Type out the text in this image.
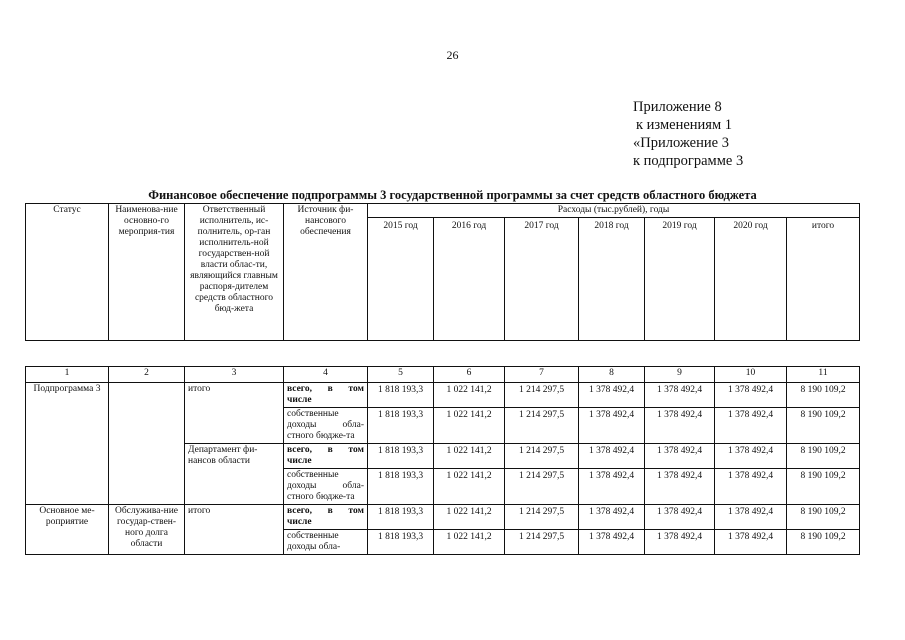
26
Приложение 8
к изменениям 1
«Приложение 3
к подпрограмме 3
Финансовое обеспечение подпрограммы 3 государственной программы за счет средств областного бюджета
Статус	Наименова-ние основно-го мероприя-тия	Ответственный исполнитель, ис-полнитель, ор-ган исполнитель-ной государствен-ной власти облас-ти, являющийся главным распоря-дителем средств областного бюд-жета	Источник фи-нансового обеспечения	Расходы (тыс.рублей), годы						
				2015 год	2016 год	2017 год	2018 год	2019 год	2020 год	итого
1	2	3	4	5	6	7	8	9	10	11
Подпрограмма 3		итого	всего, в том числе	1 818 193,3	1 022 141,2	1 214 297,5	1 378 492,4	1 378 492,4	1 378 492,4	8 190 109,2
			собственные доходы обла-стного бюдже-та	1 818 193,3	1 022 141,2	1 214 297,5	1 378 492,4	1 378 492,4	1 378 492,4	8 190 109,2
		Департамент фи-нансов области	всего, в том числе	1 818 193,3	1 022 141,2	1 214 297,5	1 378 492,4	1 378 492,4	1 378 492,4	8 190 109,2
			собственные доходы обла-стного бюдже-та	1 818 193,3	1 022 141,2	1 214 297,5	1 378 492,4	1 378 492,4	1 378 492,4	8 190 109,2
Основное ме-роприятие	Обслужива-ние государ-ствен-ного долга области	итого	всего, в том числе	1 818 193,3	1 022 141,2	1 214 297,5	1 378 492,4	1 378 492,4	1 378 492,4	8 190 109,2
			собственные доходы обла-	1 818 193,3	1 022 141,2	1 214 297,5	1 378 492,4	1 378 492,4	1 378 492,4	8 190 109,2
